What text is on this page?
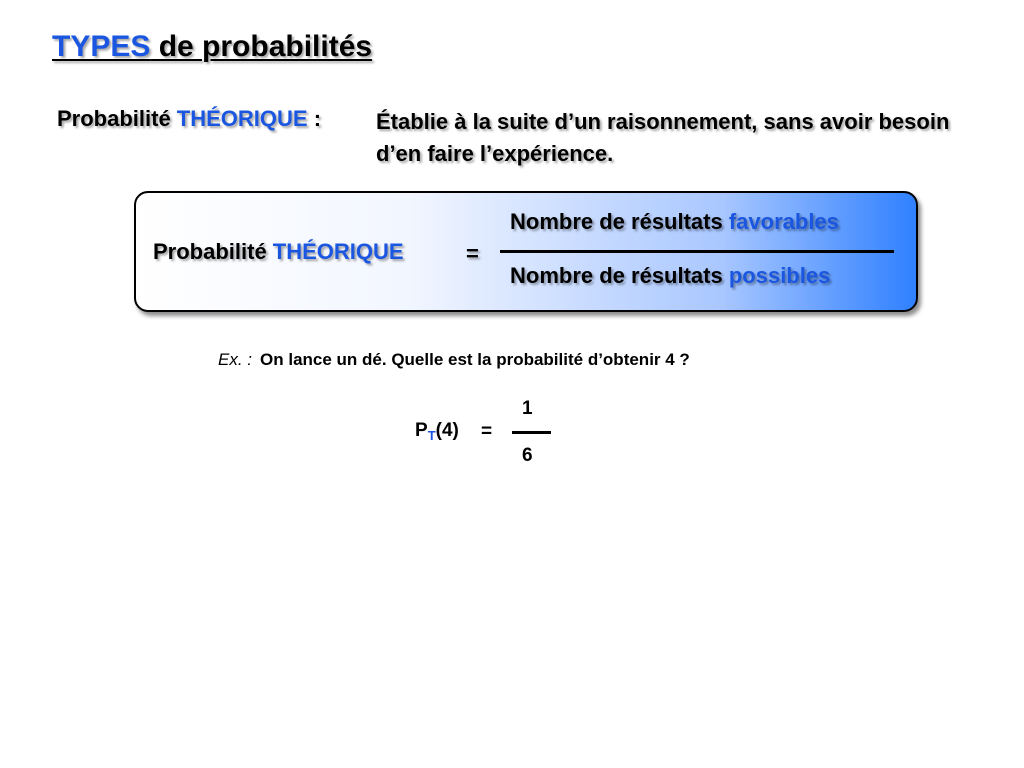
TYPES de probabilités
Probabilité THÉORIQUE : Établie à la suite d’un raisonnement, sans avoir besoin d’en faire l’expérience.
Probabilité THÉORIQUE	=
Nombre de résultats favorables
Nombre de résultats possibles
Ex. : On lance un dé. Quelle est la probabilité d’obtenir 4 ?
$P_T(4)$ =
1
6
